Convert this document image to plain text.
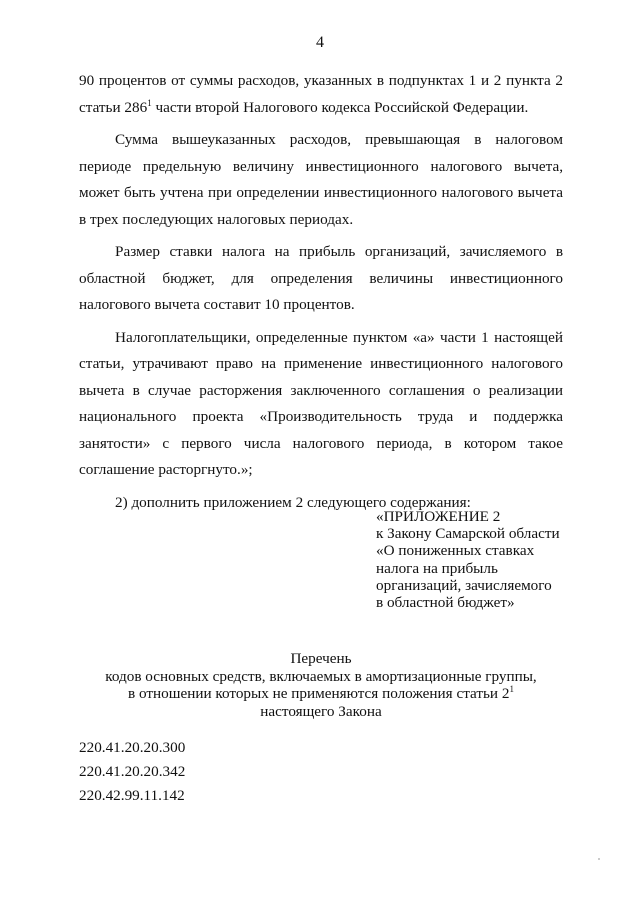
4

90 процентов от суммы расходов, указанных в подпунктах 1 и 2 пункта 2 статьи $286^1$ части второй Налогового кодекса Российской Федерации.

Сумма вышеуказанных расходов, превышающая в налоговом периоде предельную величину инвестиционного налогового вычета, может быть учтена при определении инвестиционного налогового вычета в трех последующих налоговых периодах.

Размер ставки налога на прибыль организаций, зачисляемого в областной бюджет, для определения величины инвестиционного налогового вычета составит 10 процентов.

Налогоплательщики, определенные пунктом «а» части 1 настоящей статьи, утрачивают право на применение инвестиционного налогового вычета в случае расторжения заключенного соглашения о реализации национального проекта «Производительность труда и поддержка занятости» с первого числа налогового периода, в котором такое соглашение расторгнуто.»;

2) дополнить приложением 2 следующего содержания:

«ПРИЛОЖЕНИЕ 2
к Закону Самарской области
«О пониженных ставках
налога на прибыль
организаций, зачисляемого
в областной бюджет»
Перечень
кодов основных средств, включаемых в амортизационные группы,
в отношении которых не применяются положения статьи $2^1$
настоящего Закона
220.41.20.20.300
220.41.20.20.342
220.42.99.11.142
